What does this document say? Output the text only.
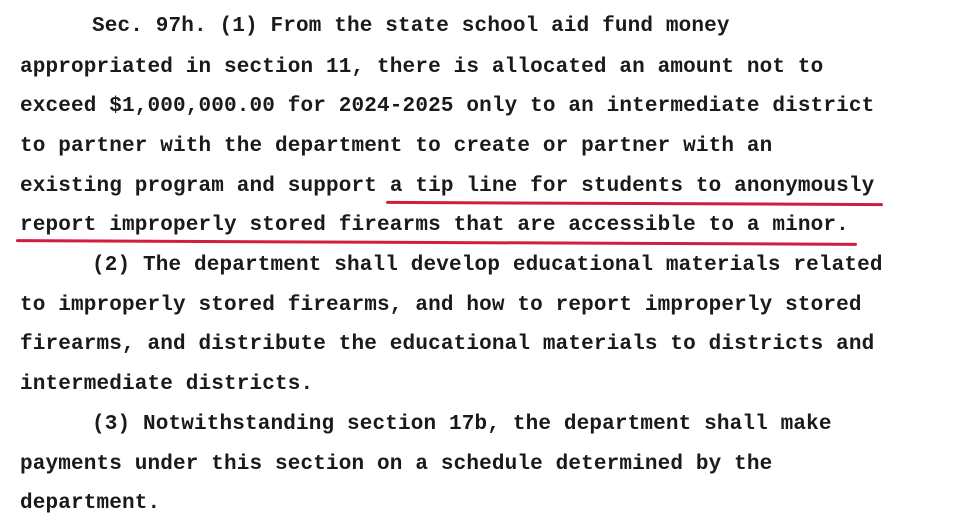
Sec. 97h. (1) From the state school aid fund money
appropriated in section 11, there is allocated an amount not to
exceed $1,000,000.00 for 2024-2025 only to an intermediate district
to partner with the department to create or partner with an
existing program and support a tip line for students to anonymously
report improperly stored firearms that are accessible to a minor.
(2) The department shall develop educational materials related
to improperly stored firearms, and how to report improperly stored
firearms, and distribute the educational materials to districts and
intermediate districts.
(3) Notwithstanding section 17b, the department shall make
payments under this section on a schedule determined by the
department.
